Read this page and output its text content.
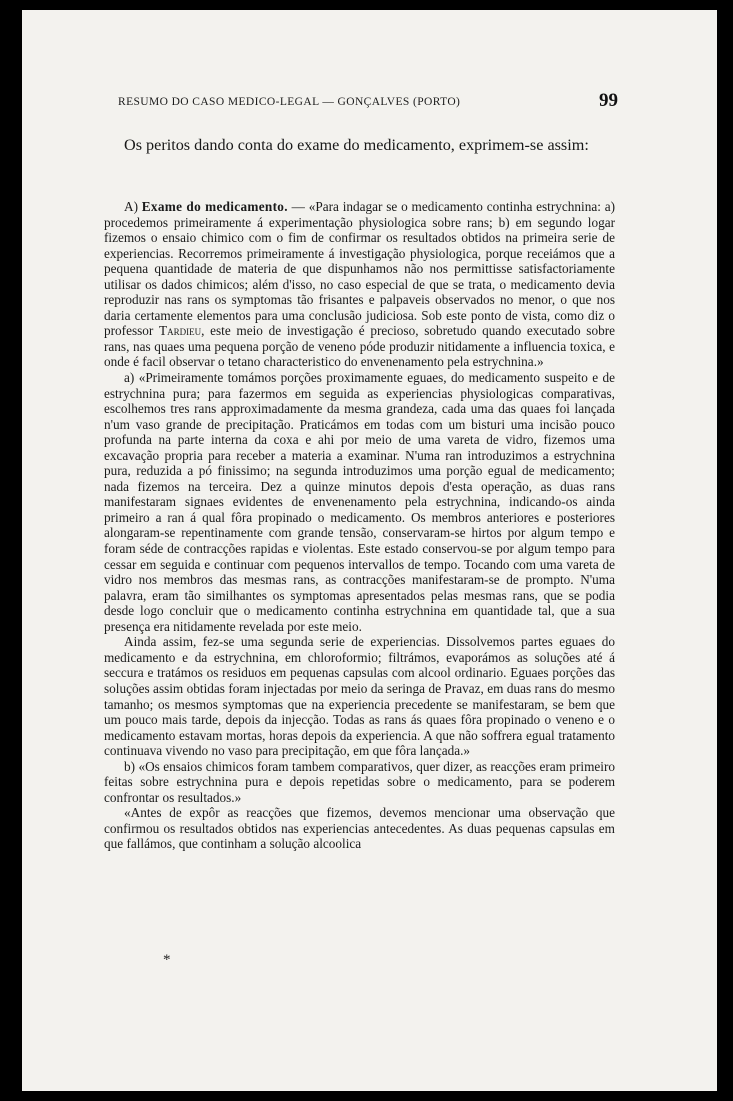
RESUMO DO CASO MEDICO-LEGAL — GONÇALVES (PORTO)	99

Os peritos dando conta do exame do medicamento, exprimem-se assim:

A) Exame do medicamento. — «Para indagar se o medicamento continha estrychnina: a) procedemos primeiramente á experimentação physiologica sobre rans; b) em segundo logar fizemos o ensaio chimico com o fim de confirmar os resultados obtidos na primeira serie de experiencias. Recorremos primeiramente á investigação physiologica, porque receiámos que a pequena quantidade de materia de que dispunhamos não nos permittisse satisfactoriamente utilisar os dados chimicos; além d'isso, no caso especial de que se trata, o medicamento devia reproduzir nas rans os symptomas tão frisantes e palpaveis observados no menor, o que nos daria certamente elementos para uma conclusão judiciosa. Sob este ponto de vista, como diz o professor Tardieu, este meio de investigação é precioso, sobretudo quando executado sobre rans, nas quaes uma pequena porção de veneno póde produzir nitidamente a influencia toxica, e onde é facil observar o tetano characteristico do envenenamento pela estrychnina.»

a) «Primeiramente tomámos porções proximamente eguaes, do medicamento suspeito e de estrychnina pura; para fazermos em seguida as experiencias physiologicas comparativas, escolhemos tres rans approximadamente da mesma grandeza, cada uma das quaes foi lançada n'um vaso grande de precipitação. Praticámos em todas com um bisturi uma incisão pouco profunda na parte interna da coxa e ahi por meio de uma vareta de vidro, fizemos uma excavação propria para receber a materia a examinar. N'uma ran introduzimos a estrychnina pura, reduzida a pó finissimo; na segunda introduzimos uma porção egual de medicamento; nada fizemos na terceira. Dez a quinze minutos depois d'esta operação, as duas rans manifestaram signaes evidentes de envenenamento pela estrychnina, indicando-os ainda primeiro a ran á qual fôra propinado o medicamento. Os membros anteriores e posteriores alongaram-se repentinamente com grande tensão, conservaram-se hirtos por algum tempo e foram séde de contracções rapidas e violentas. Este estado conservou-se por algum tempo para cessar em seguida e continuar com pequenos intervallos de tempo. Tocando com uma vareta de vidro nos membros das mesmas rans, as contracções manifestaram-se de prompto. N'uma palavra, eram tão similhantes os symptomas apresentados pelas mesmas rans, que se podia desde logo concluir que o medicamento continha estrychnina em quantidade tal, que a sua presença era nitidamente revelada por este meio.

Ainda assim, fez-se uma segunda serie de experiencias. Dissolvemos partes eguaes do medicamento e da estrychnina, em chloroformio; filtrámos, evaporámos as soluções até á seccura e tratámos os residuos em pequenas capsulas com alcool ordinario. Eguaes porções das soluções assim obtidas foram injectadas por meio da seringa de Pravaz, em duas rans do mesmo tamanho; os mesmos symptomas que na experiencia precedente se manifestaram, se bem que um pouco mais tarde, depois da injecção. Todas as rans ás quaes fôra propinado o veneno e o medicamento estavam mortas, horas depois da experiencia. A que não soffrera egual tratamento continuava vivendo no vaso para precipitação, em que fôra lançada.»

b) «Os ensaios chimicos foram tambem comparativos, quer dizer, as reacções eram primeiro feitas sobre estrychnina pura e depois repetidas sobre o medicamento, para se poderem confrontar os resultados.»

«Antes de expôr as reacções que fizemos, devemos mencionar uma observação que confirmou os resultados obtidos nas experiencias antecedentes. As duas pequenas capsulas em que fallámos, que continham a solução alcoolica

*
